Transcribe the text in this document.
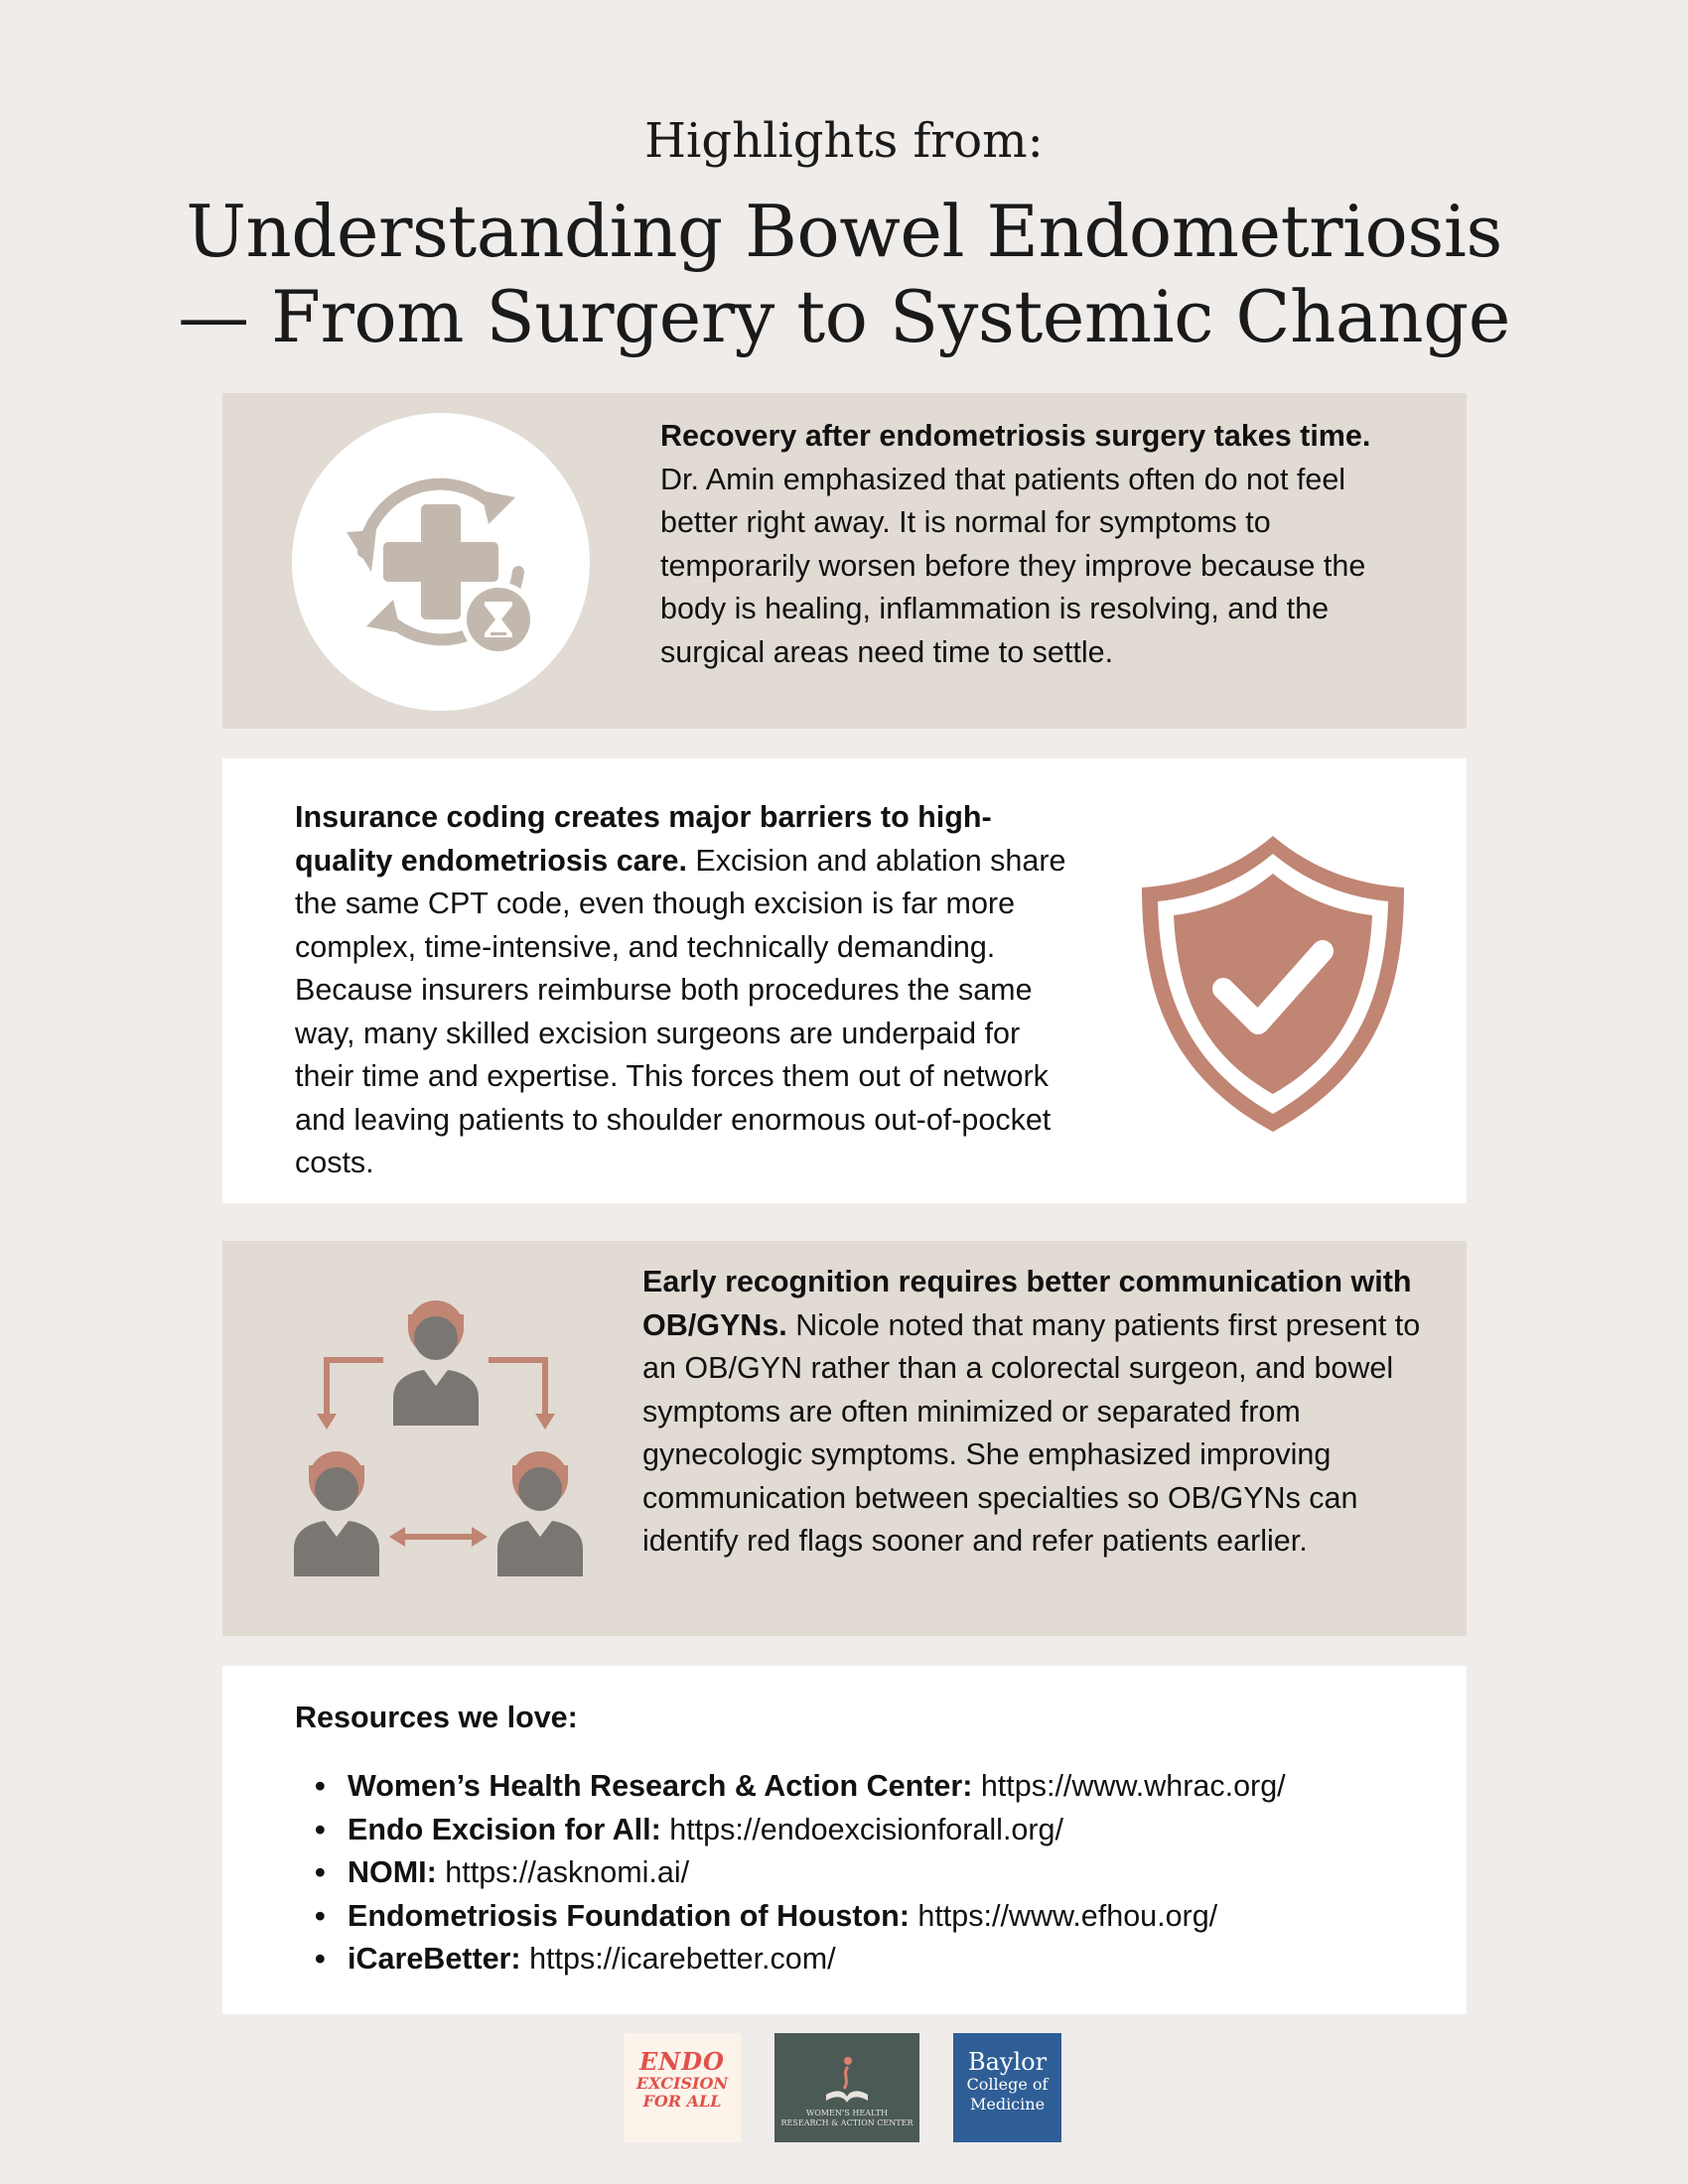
Highlights from:
Understanding Bowel Endometriosis
— From Surgery to Systemic Change
Recovery after endometriosis surgery takes time. Dr. Amin emphasized that patients often do not feel better right away. It is normal for symptoms to temporarily worsen before they improve because the body is healing, inflammation is resolving, and the surgical areas need time to settle.
Insurance coding creates major barriers to high-quality endometriosis care. Excision and ablation share the same CPT code, even though excision is far more complex, time-intensive, and technically demanding. Because insurers reimburse both procedures the same way, many skilled excision surgeons are underpaid for their time and expertise. This forces them out of network and leaving patients to shoulder enormous out-of-pocket costs.
Early recognition requires better communication with OB/GYNs. Nicole noted that many patients first present to an OB/GYN rather than a colorectal surgeon, and bowel symptoms are often minimized or separated from gynecologic symptoms. She emphasized improving communication between specialties so OB/GYNs can identify red flags sooner and refer patients earlier.
Resources we love:
• Women’s Health Research & Action Center: https://www.whrac.org/
• Endo Excision for All: https://endoexcisionforall.org/
• NOMI: https://asknomi.ai/
• Endometriosis Foundation of Houston: https://www.efhou.org/
• iCareBetter: https://icarebetter.com/
ENDO
EXCISION
FOR ALL
WOMEN’S HEALTH
RESEARCH & ACTION CENTER
Baylor
College of
Medicine
